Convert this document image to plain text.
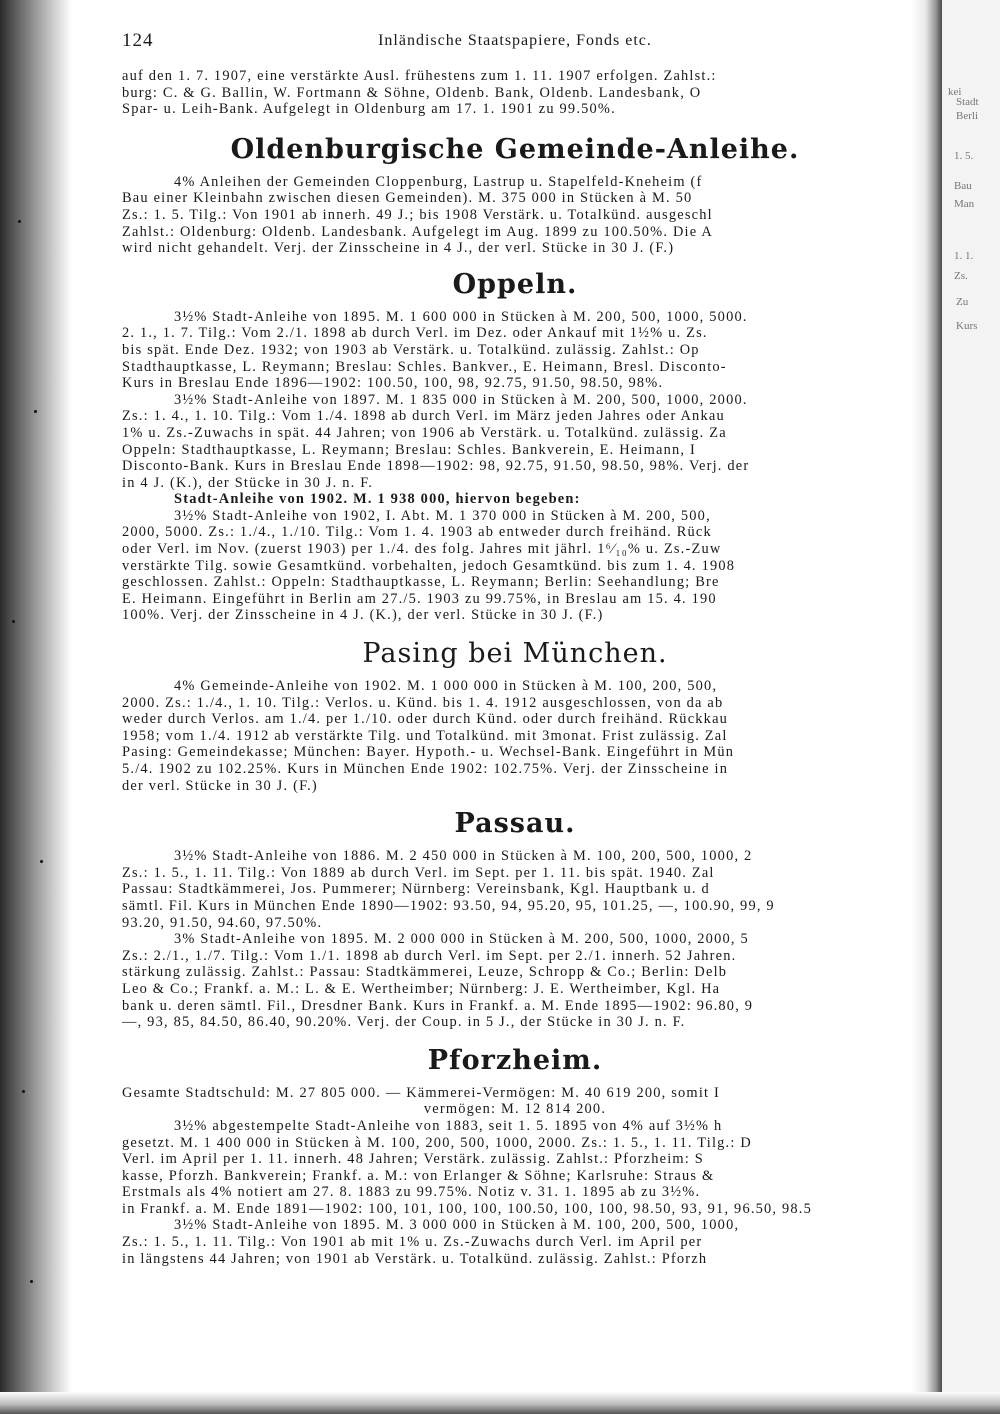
kei
Stadt
Berli
1. 5.
Bau
Man
1. 1.
Zs.
Zu
Kurs
124	Inländische Staatspapiere, Fonds etc.
auf den 1. 7. 1907, eine verstärkte Ausl. frühestens zum 1. 11. 1907 erfolgen. Zahlst.:
burg: C. & G. Ballin, W. Fortmann & Söhne, Oldenb. Bank, Oldenb. Landesbank, O
Spar- u. Leih-Bank. Aufgelegt in Oldenburg am 17. 1. 1901 zu 99.50%.
Oldenburgische Gemeinde-Anleihe.
4% Anleihen der Gemeinden Cloppenburg, Lastrup u. Stapelfeld-Kneheim (f
Bau einer Kleinbahn zwischen diesen Gemeinden). M. 375 000 in Stücken à M. 50
Zs.: 1. 5. Tilg.: Von 1901 ab innerh. 49 J.; bis 1908 Verstärk. u. Totalkünd. ausgeschl
Zahlst.: Oldenburg: Oldenb. Landesbank. Aufgelegt im Aug. 1899 zu 100.50%. Die A
wird nicht gehandelt. Verj. der Zinsscheine in 4 J., der verl. Stücke in 30 J. (F.)
Oppeln.
3½% Stadt-Anleihe von 1895. M. 1 600 000 in Stücken à M. 200, 500, 1000, 5000.
2. 1., 1. 7. Tilg.: Vom 2./1. 1898 ab durch Verl. im Dez. oder Ankauf mit 1½% u. Zs.
bis spät. Ende Dez. 1932; von 1903 ab Verstärk. u. Totalkünd. zulässig. Zahlst.: Op
Stadthauptkasse, L. Reymann; Breslau: Schles. Bankver., E. Heimann, Bresl. Disconto-
Kurs in Breslau Ende 1896—1902: 100.50, 100, 98, 92.75, 91.50, 98.50, 98%.
3½% Stadt-Anleihe von 1897. M. 1 835 000 in Stücken à M. 200, 500, 1000, 2000.
Zs.: 1. 4., 1. 10. Tilg.: Vom 1./4. 1898 ab durch Verl. im März jeden Jahres oder Ankau
1% u. Zs.-Zuwachs in spät. 44 Jahren; von 1906 ab Verstärk. u. Totalkünd. zulässig. Za
Oppeln: Stadthauptkasse, L. Reymann; Breslau: Schles. Bankverein, E. Heimann, I
Disconto-Bank. Kurs in Breslau Ende 1898—1902: 98, 92.75, 91.50, 98.50, 98%. Verj. der
in 4 J. (K.), der Stücke in 30 J. n. F.
Stadt-Anleihe von 1902. M. 1 938 000, hiervon begeben:
3½% Stadt-Anleihe von 1902, I. Abt. M. 1 370 000 in Stücken à M. 200, 500,
2000, 5000. Zs.: 1./4., 1./10. Tilg.: Vom 1. 4. 1903 ab entweder durch freihänd. Rück
oder Verl. im Nov. (zuerst 1903) per 1./4. des folg. Jahres mit jährl. 1⁶⁄₁₀% u. Zs.-Zuw
verstärkte Tilg. sowie Gesamtkünd. vorbehalten, jedoch Gesamtkünd. bis zum 1. 4. 1908
geschlossen. Zahlst.: Oppeln: Stadthauptkasse, L. Reymann; Berlin: Seehandlung; Bre
E. Heimann. Eingeführt in Berlin am 27./5. 1903 zu 99.75%, in Breslau am 15. 4. 190
100%. Verj. der Zinsscheine in 4 J. (K.), der verl. Stücke in 30 J. (F.)
Pasing bei München.
4% Gemeinde-Anleihe von 1902. M. 1 000 000 in Stücken à M. 100, 200, 500,
2000. Zs.: 1./4., 1. 10. Tilg.: Verlos. u. Künd. bis 1. 4. 1912 ausgeschlossen, von da ab
weder durch Verlos. am 1./4. per 1./10. oder durch Künd. oder durch freihänd. Rückkau
1958; vom 1./4. 1912 ab verstärkte Tilg. und Totalkünd. mit 3monat. Frist zulässig. Zal
Pasing: Gemeindekasse; München: Bayer. Hypoth.- u. Wechsel-Bank. Eingeführt in Mün
5./4. 1902 zu 102.25%. Kurs in München Ende 1902: 102.75%. Verj. der Zinsscheine in
der verl. Stücke in 30 J. (F.)
Passau.
3½% Stadt-Anleihe von 1886. M. 2 450 000 in Stücken à M. 100, 200, 500, 1000, 2
Zs.: 1. 5., 1. 11. Tilg.: Von 1889 ab durch Verl. im Sept. per 1. 11. bis spät. 1940. Zal
Passau: Stadtkämmerei, Jos. Pummerer; Nürnberg: Vereinsbank, Kgl. Hauptbank u. d
sämtl. Fil. Kurs in München Ende 1890—1902: 93.50, 94, 95.20, 95, 101.25, —, 100.90, 99, 9
93.20, 91.50, 94.60, 97.50%.
3% Stadt-Anleihe von 1895. M. 2 000 000 in Stücken à M. 200, 500, 1000, 2000, 5
Zs.: 2./1., 1./7. Tilg.: Vom 1./1. 1898 ab durch Verl. im Sept. per 2./1. innerh. 52 Jahren.
stärkung zulässig. Zahlst.: Passau: Stadtkämmerei, Leuze, Schropp & Co.; Berlin: Delb
Leo & Co.; Frankf. a. M.: L. & E. Wertheimber; Nürnberg: J. E. Wertheimber, Kgl. Ha
bank u. deren sämtl. Fil., Dresdner Bank. Kurs in Frankf. a. M. Ende 1895—1902: 96.80, 9
—, 93, 85, 84.50, 86.40, 90.20%. Verj. der Coup. in 5 J., der Stücke in 30 J. n. F.
Pforzheim.
Gesamte Stadtschuld: M. 27 805 000. — Kämmerei-Vermögen: M. 40 619 200, somit I
vermögen: M. 12 814 200.
3½% abgestempelte Stadt-Anleihe von 1883, seit 1. 5. 1895 von 4% auf 3½% h
gesetzt. M. 1 400 000 in Stücken à M. 100, 200, 500, 1000, 2000. Zs.: 1. 5., 1. 11. Tilg.: D
Verl. im April per 1. 11. innerh. 48 Jahren; Verstärk. zulässig. Zahlst.: Pforzheim: S
kasse, Pforzh. Bankverein; Frankf. a. M.: von Erlanger & Söhne; Karlsruhe: Straus &
Erstmals als 4% notiert am 27. 8. 1883 zu 99.75%. Notiz v. 31. 1. 1895 ab zu 3½%.
in Frankf. a. M. Ende 1891—1902: 100, 101, 100, 100, 100.50, 100, 100, 98.50, 93, 91, 96.50, 98.5
3½% Stadt-Anleihe von 1895. M. 3 000 000 in Stücken à M. 100, 200, 500, 1000,
Zs.: 1. 5., 1. 11. Tilg.: Von 1901 ab mit 1% u. Zs.-Zuwachs durch Verl. im April per
in längstens 44 Jahren; von 1901 ab Verstärk. u. Totalkünd. zulässig. Zahlst.: Pforzh
